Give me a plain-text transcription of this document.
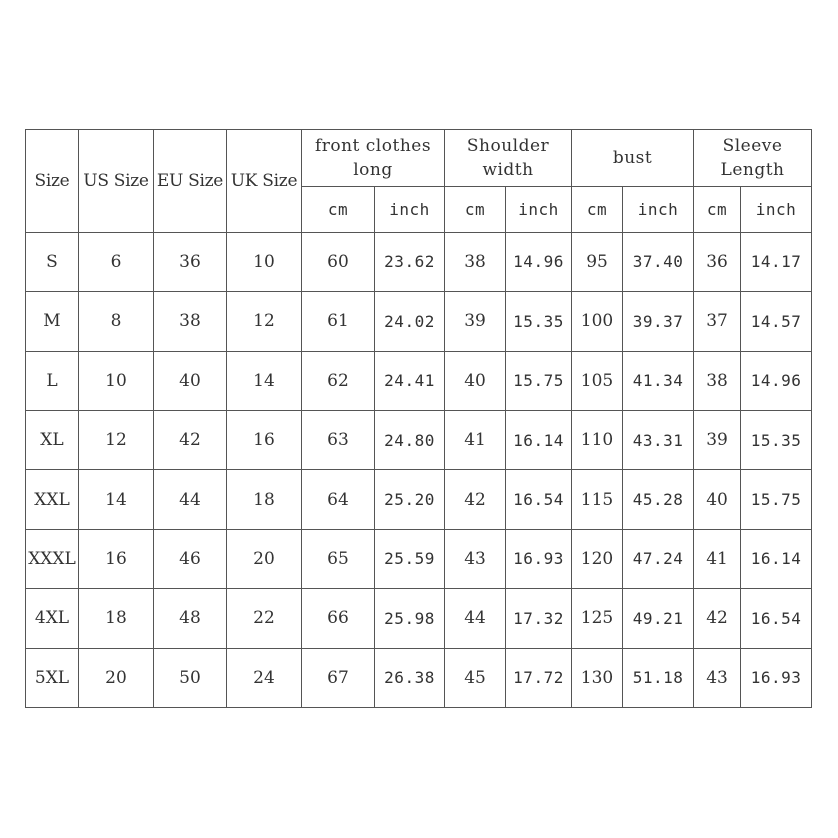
Size	US Size	EU Size	UK Size	front clothes long		Shoulder width		bust		Sleeve Length	
				cm	inch	cm	inch	cm	inch	cm	inch
S	6	36	10	60	23.62	38	14.96	95	37.40	36	14.17
M	8	38	12	61	24.02	39	15.35	100	39.37	37	14.57
L	10	40	14	62	24.41	40	15.75	105	41.34	38	14.96
XL	12	42	16	63	24.80	41	16.14	110	43.31	39	15.35
XXL	14	44	18	64	25.20	42	16.54	115	45.28	40	15.75
XXXL	16	46	20	65	25.59	43	16.93	120	47.24	41	16.14
4XL	18	48	22	66	25.98	44	17.32	125	49.21	42	16.54
5XL	20	50	24	67	26.38	45	17.72	130	51.18	43	16.93
